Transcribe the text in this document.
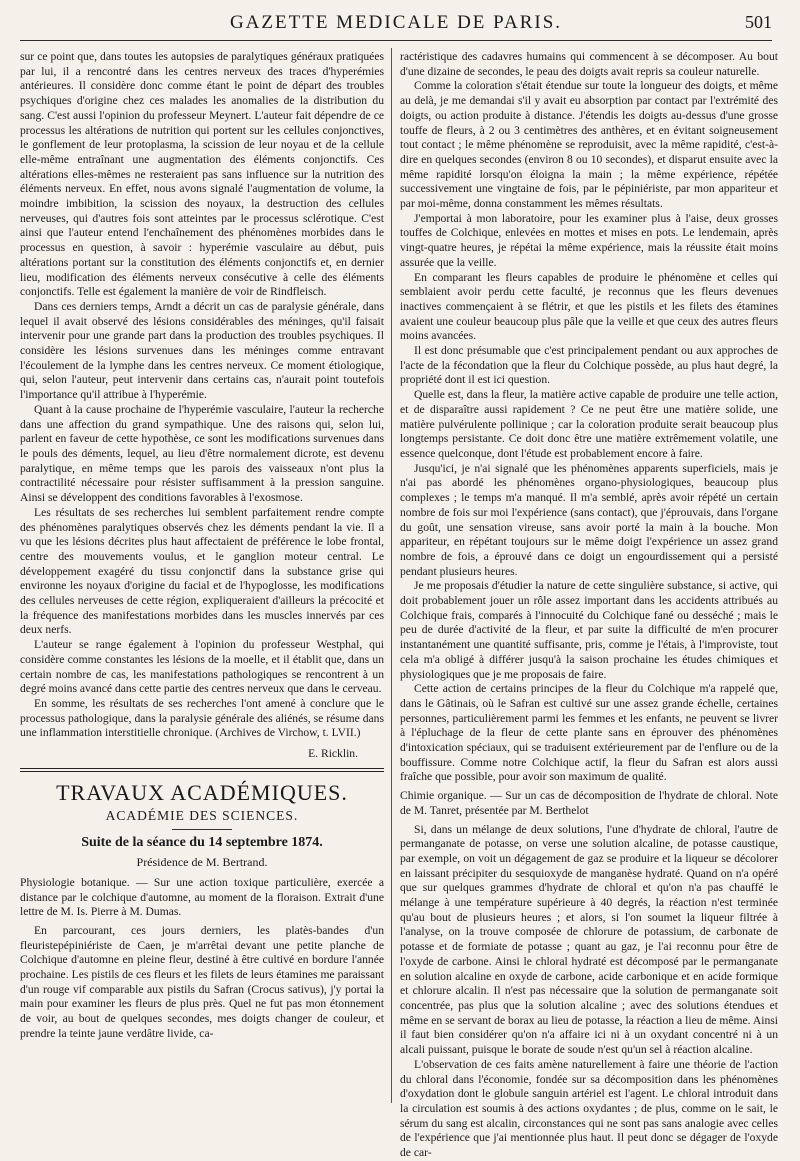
GAZETTE MEDICALE DE PARIS.	501

sur ce point que, dans toutes les autopsies de paralytiques généraux pratiquées par lui, il a rencontré dans les centres nerveux des traces d'hyperémies antérieures. Il considère donc comme étant le point de départ des troubles psychiques d'origine chez ces malades les anomalies de la distribution du sang. C'est aussi l'opinion du professeur Meynert. L'auteur fait dépendre de ce processus les altérations de nutrition qui portent sur les cellules conjonctives, le gonflement de leur protoplasma, la scission de leur noyau et de la cellule elle-même entraînant une augmentation des éléments conjonctifs. Ces altérations elles-mêmes ne resteraient pas sans influence sur la nutrition des éléments nerveux. En effet, nous avons signalé l'augmentation de volume, la moindre imbibition, la scission des noyaux, la destruction des cellules nerveuses, qui d'autres fois sont atteintes par le processus sclérotique. C'est ainsi que l'auteur entend l'enchaînement des phénomènes morbides dans le processus en question, à savoir : hyperémie vasculaire au début, puis altérations portant sur la constitution des éléments conjonctifs et, en dernier lieu, modification des éléments nerveux consécutive à celle des éléments conjonctifs. Telle est également la manière de voir de Rindfleisch.

Dans ces derniers temps, Arndt a décrit un cas de paralysie générale, dans lequel il avait observé des lésions considérables des méninges, qu'il faisait intervenir pour une grande part dans la production des troubles psychiques. Il considère les lésions survenues dans les méninges comme entravant l'écoulement de la lymphe dans les centres nerveux. Ce moment étiologique, qui, selon l'auteur, peut intervenir dans certains cas, n'aurait point toutefois l'importance qu'il attribue à l'hyperémie.

Quant à la cause prochaine de l'hyperémie vasculaire, l'auteur la recherche dans une affection du grand sympathique. Une des raisons qui, selon lui, parlent en faveur de cette hypothèse, ce sont les modifications survenues dans le pouls des déments, lequel, au lieu d'être normalement dicrote, est devenu paralytique, en même temps que les parois des vaisseaux n'ont plus la contractilité nécessaire pour résister suffisamment à la pression sanguine. Ainsi se développent des conditions favorables à l'exosmose.

Les résultats de ses recherches lui semblent parfaitement rendre compte des phénomènes paralytiques observés chez les déments pendant la vie. Il a vu que les lésions décrites plus haut affectaient de préférence le lobe frontal, centre des mouvements voulus, et le ganglion moteur central. Le développement exagéré du tissu conjonctif dans la substance grise qui environne les noyaux d'origine du facial et de l'hypoglosse, les modifications des cellules nerveuses de cette région, expliqueraient d'ailleurs la précocité et la fréquence des manifestations morbides dans les muscles innervés par ces deux nerfs.

L'auteur se range également à l'opinion du professeur Westphal, qui considère comme constantes les lésions de la moelle, et il établit que, dans un certain nombre de cas, les manifestations pathologiques se rencontrent à un degré moins avancé dans cette partie des centres nerveux que dans le cerveau.

En somme, les résultats de ses recherches l'ont amené à conclure que le processus pathologique, dans la paralysie générale des aliénés, se résume dans une inflammation interstitielle chronique. (Archives de Virchow, t. LVII.)

E. Ricklin.

TRAVAUX ACADÉMIQUES.

ACADÉMIE DES SCIENCES.

Suite de la séance du 14 septembre 1874.

Présidence de M. Bertrand.

Physiologie botanique. — Sur une action toxique particulière, exercée a distance par le colchique d'automne, au moment de la floraison. Extrait d'une lettre de M. Is. Pierre à M. Dumas.

En parcourant, ces jours derniers, les platès-bandes d'un fleuristepépiniériste de Caen, je m'arrêtai devant une petite planche de Colchique d'automne en pleine fleur, destiné à être cultivé en bordure l'année prochaine. Les pistils de ces fleurs et les filets de leurs étamines me paraissant d'un rouge vif comparable aux pistils du Safran (Crocus sativus), j'y portai la main pour examiner les fleurs de plus près. Quel ne fut pas mon étonnement de voir, au bout de quelques secondes, mes doigts changer de couleur, et prendre la teinte jaune verdâtre livide, ca-

ractéristique des cadavres humains qui commencent à se décomposer. Au bout d'une dizaine de secondes, le peau des doigts avait repris sa couleur naturelle.

Comme la coloration s'était étendue sur toute la longueur des doigts, et même au delà, je me demandai s'il y avait eu absorption par contact par l'extrémité des doigts, ou action produite à distance. J'étendis les doigts au-dessus d'une grosse touffe de fleurs, à 2 ou 3 centimètres des anthères, et en évitant soigneusement tout contact ; le même phénomène se reproduisit, avec la même rapidité, c'est-à-dire en quelques secondes (environ 8 ou 10 secondes), et disparut ensuite avec la même rapidité lorsqu'on éloigna la main ; la même expérience, répétée successivement une vingtaine de fois, par le pépiniériste, par mon appariteur et par moi-même, donna constamment les mêmes résultats.

J'emportai à mon laboratoire, pour les examiner plus à l'aise, deux grosses touffes de Colchique, enlevées en mottes et mises en pots. Le lendemain, après vingt-quatre heures, je répétai la même expérience, mais la réussite était moins assurée que la veille.

En comparant les fleurs capables de produire le phénomène et celles qui semblaient avoir perdu cette faculté, je reconnus que les fleurs devenues inactives commençaient à se flétrir, et que les pistils et les filets des étamines avaient une couleur beaucoup plus pâle que la veille et que ceux des autres fleurs moins avancées.

Il est donc présumable que c'est principalement pendant ou aux approches de l'acte de la fécondation que la fleur du Colchique possède, au plus haut degré, la propriété dont il est ici question.

Quelle est, dans la fleur, la matière active capable de produire une telle action, et de disparaître aussi rapidement ? Ce ne peut être une matière solide, une matière pulvérulente pollinique ; car la coloration produite serait beaucoup plus longtemps persistante. Ce doit donc être une matière extrêmement volatile, une essence quelconque, dont l'étude est probablement encore à faire.

Jusqu'ici, je n'ai signalé que les phénomènes apparents superficiels, mais je n'ai pas abordé les phénomènes organo-physiologiques, beaucoup plus complexes ; le temps m'a manqué. Il m'a semblé, après avoir répété un certain nombre de fois sur moi l'expérience (sans contact), que j'éprouvais, dans l'organe du goût, une sensation vireuse, sans avoir porté la main à la bouche. Mon appariteur, en répétant toujours sur le même doigt l'expérience un assez grand nombre de fois, a éprouvé dans ce doigt un engourdissement qui a persisté pendant plusieurs heures.

Je me proposais d'étudier la nature de cette singulière substance, si active, qui doit probablement jouer un rôle assez important dans les accidents attribués au Colchique frais, comparés à l'innocuité du Colchique fané ou desséché ; mais le peu de durée d'activité de la fleur, et par suite la difficulté de m'en procurer instantanément une quantité suffisante, pris, comme je l'étais, à l'improviste, tout cela m'a obligé à différer jusqu'à la saison prochaine les études chimiques et physiologiques que je me proposais de faire.

Cette action de certains principes de la fleur du Colchique m'a rappelé que, dans le Gâtinais, où le Safran est cultivé sur une assez grande échelle, certaines personnes, particulièrement parmi les femmes et les enfants, ne peuvent se livrer à l'épluchage de la fleur de cette plante sans en éprouver des phénomènes d'intoxication spéciaux, qui se traduisent extérieurement par de l'enflure ou de la bouffissure. Comme notre Colchique actif, la fleur du Safran est alors aussi fraîche que possible, pour avoir son maximum de qualité.

Chimie organique. — Sur un cas de décomposition de l'hydrate de chloral. Note de M. Tanret, présentée par M. Berthelot

Si, dans un mélange de deux solutions, l'une d'hydrate de chloral, l'autre de permanganate de potasse, on verse une solution alcaline, de potasse caustique, par exemple, on voit un dégagement de gaz se produire et la liqueur se décolorer en laissant précipiter du sesquioxyde de manganèse hydraté. Quand on n'a opéré que sur quelques grammes d'hydrate de chloral et qu'on n'a pas chauffé le mélange à une température supérieure à 40 degrés, la réaction n'est terminée qu'au bout de plusieurs heures ; et alors, si l'on soumet la liqueur filtrée à l'analyse, on la trouve composée de chlorure de potassium, de carbonate de potasse et de formiate de potasse ; quant au gaz, je l'ai reconnu pour être de l'oxyde de carbone. Ainsi le chloral hydraté est décomposé par le permanganate en solution alcaline en oxyde de carbone, acide carbonique et en acide formique et chlorure alcalin. Il n'est pas nécessaire que la solution de permanganate soit concentrée, pas plus que la solution alcaline ; avec des solutions étendues et même en se servant de borax au lieu de potasse, la réaction a lieu de même. Ainsi il faut bien considérer qu'on n'a affaire ici ni à un oxydant concentré ni à un alcali puissant, puisque le borate de soude n'est qu'un sel à réaction alcaline.

L'observation de ces faits amène naturellement à faire une théorie de l'action du chloral dans l'économie, fondée sur sa décomposition dans les phénomènes d'oxydation dont le globule sanguin artériel est l'agent. Le chloral introduit dans la circulation est soumis à des actions oxydantes ; de plus, comme on le sait, le sérum du sang est alcalin, circonstances qui ne sont pas sans analogie avec celles de l'expérience que j'ai mentionnée plus haut. Il peut donc se dégager de l'oxyde de car-
